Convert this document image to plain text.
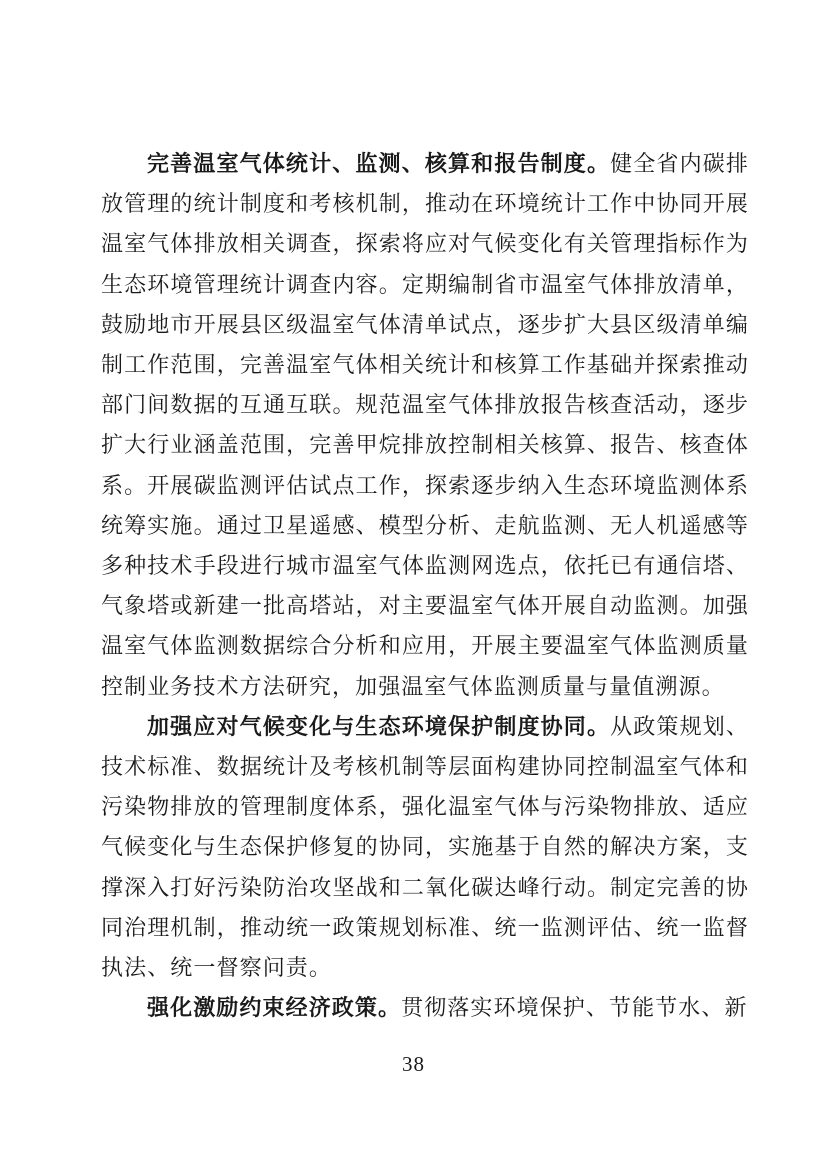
完善温室气体统计、监测、核算和报告制度。健全省内碳排放管理的统计制度和考核机制，推动在环境统计工作中协同开展温室气体排放相关调查，探索将应对气候变化有关管理指标作为生态环境管理统计调查内容。定期编制省市温室气体排放清单，鼓励地市开展县区级温室气体清单试点，逐步扩大县区级清单编制工作范围，完善温室气体相关统计和核算工作基础并探索推动部门间数据的互通互联。规范温室气体排放报告核查活动，逐步扩大行业涵盖范围，完善甲烷排放控制相关核算、报告、核查体系。开展碳监测评估试点工作，探索逐步纳入生态环境监测体系统筹实施。通过卫星遥感、模型分析、走航监测、无人机遥感等多种技术手段进行城市温室气体监测网选点，依托已有通信塔、气象塔或新建一批高塔站，对主要温室气体开展自动监测。加强温室气体监测数据综合分析和应用，开展主要温室气体监测质量控制业务技术方法研究，加强温室气体监测质量与量值溯源。

加强应对气候变化与生态环境保护制度协同。从政策规划、技术标准、数据统计及考核机制等层面构建协同控制温室气体和污染物排放的管理制度体系，强化温室气体与污染物排放、适应气候变化与生态保护修复的协同，实施基于自然的解决方案，支撑深入打好污染防治攻坚战和二氧化碳达峰行动。制定完善的协同治理机制，推动统一政策规划标准、统一监测评估、统一监督执法、统一督察问责。

强化激励约束经济政策。贯彻落实环境保护、节能节水、新

38
